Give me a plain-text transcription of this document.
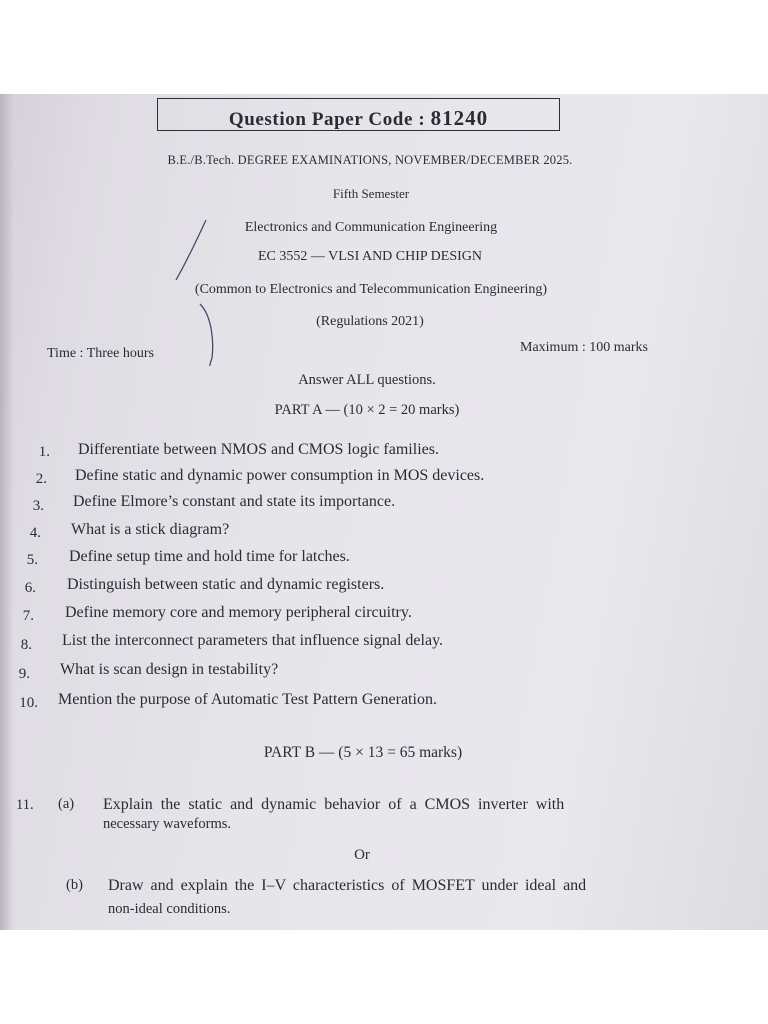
Question Paper Code : 81240
B.E./B.Tech. DEGREE EXAMINATIONS, NOVEMBER/DECEMBER 2025.
Fifth Semester
Electronics and Communication Engineering
EC 3552 — VLSI AND CHIP DESIGN
(Common to Electronics and Telecommunication Engineering)
(Regulations 2021)
Time : Three hours	Maximum : 100 marks
Answer ALL questions.
PART A — (10 × 2 = 20 marks)
1. Differentiate between NMOS and CMOS logic families.
2. Define static and dynamic power consumption in MOS devices.
3. Define Elmore’s constant and state its importance.
4. What is a stick diagram?
5. Define setup time and hold time for latches.
6. Distinguish between static and dynamic registers.
7. Define memory core and memory peripheral circuitry.
8. List the interconnect parameters that influence signal delay.
9. What is scan design in testability?
10. Mention the purpose of Automatic Test Pattern Generation.
PART B — (5 × 13 = 65 marks)
11. (a) Explain the static and dynamic behavior of a CMOS inverter with
necessary waveforms.
Or
(b) Draw and explain the I–V characteristics of MOSFET under ideal and
non-ideal conditions.
